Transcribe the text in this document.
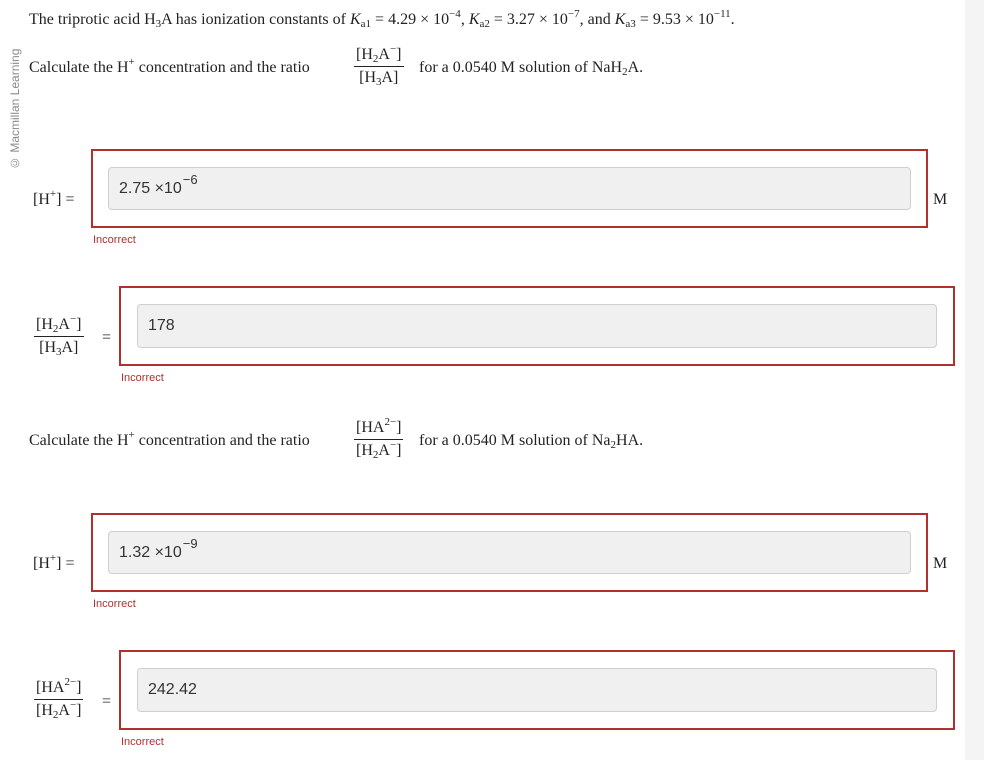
© Macmillan Learning
The triprotic acid $H_3A$ has ionization constants of $K_{a1} = 4.29 \times 10^{-4}$, $K_{a2} = 3.27 \times 10^{-7}$, and $K_{a3} = 9.53 \times 10^{-11}$.
Calculate the H+ concentration and the ratio
$[H_2A^-]$
$[H_3A]$
for a 0.0540 M solution of NaH$_2$A.
[H+] =
2.75 ×10 −6
M
Incorrect
$[H_2A^-]$
$[H_3A]$
=
178
Incorrect
Calculate the H+ concentration and the ratio
$[HA^{2-}]$
$[H_2A^-]$
for a 0.0540 M solution of $Na_2HA$.
[H+] =
1.32 ×10 −9
M
Incorrect
$[HA^{2-}]$
$[H_2A^-]$
=
242.42
Incorrect
